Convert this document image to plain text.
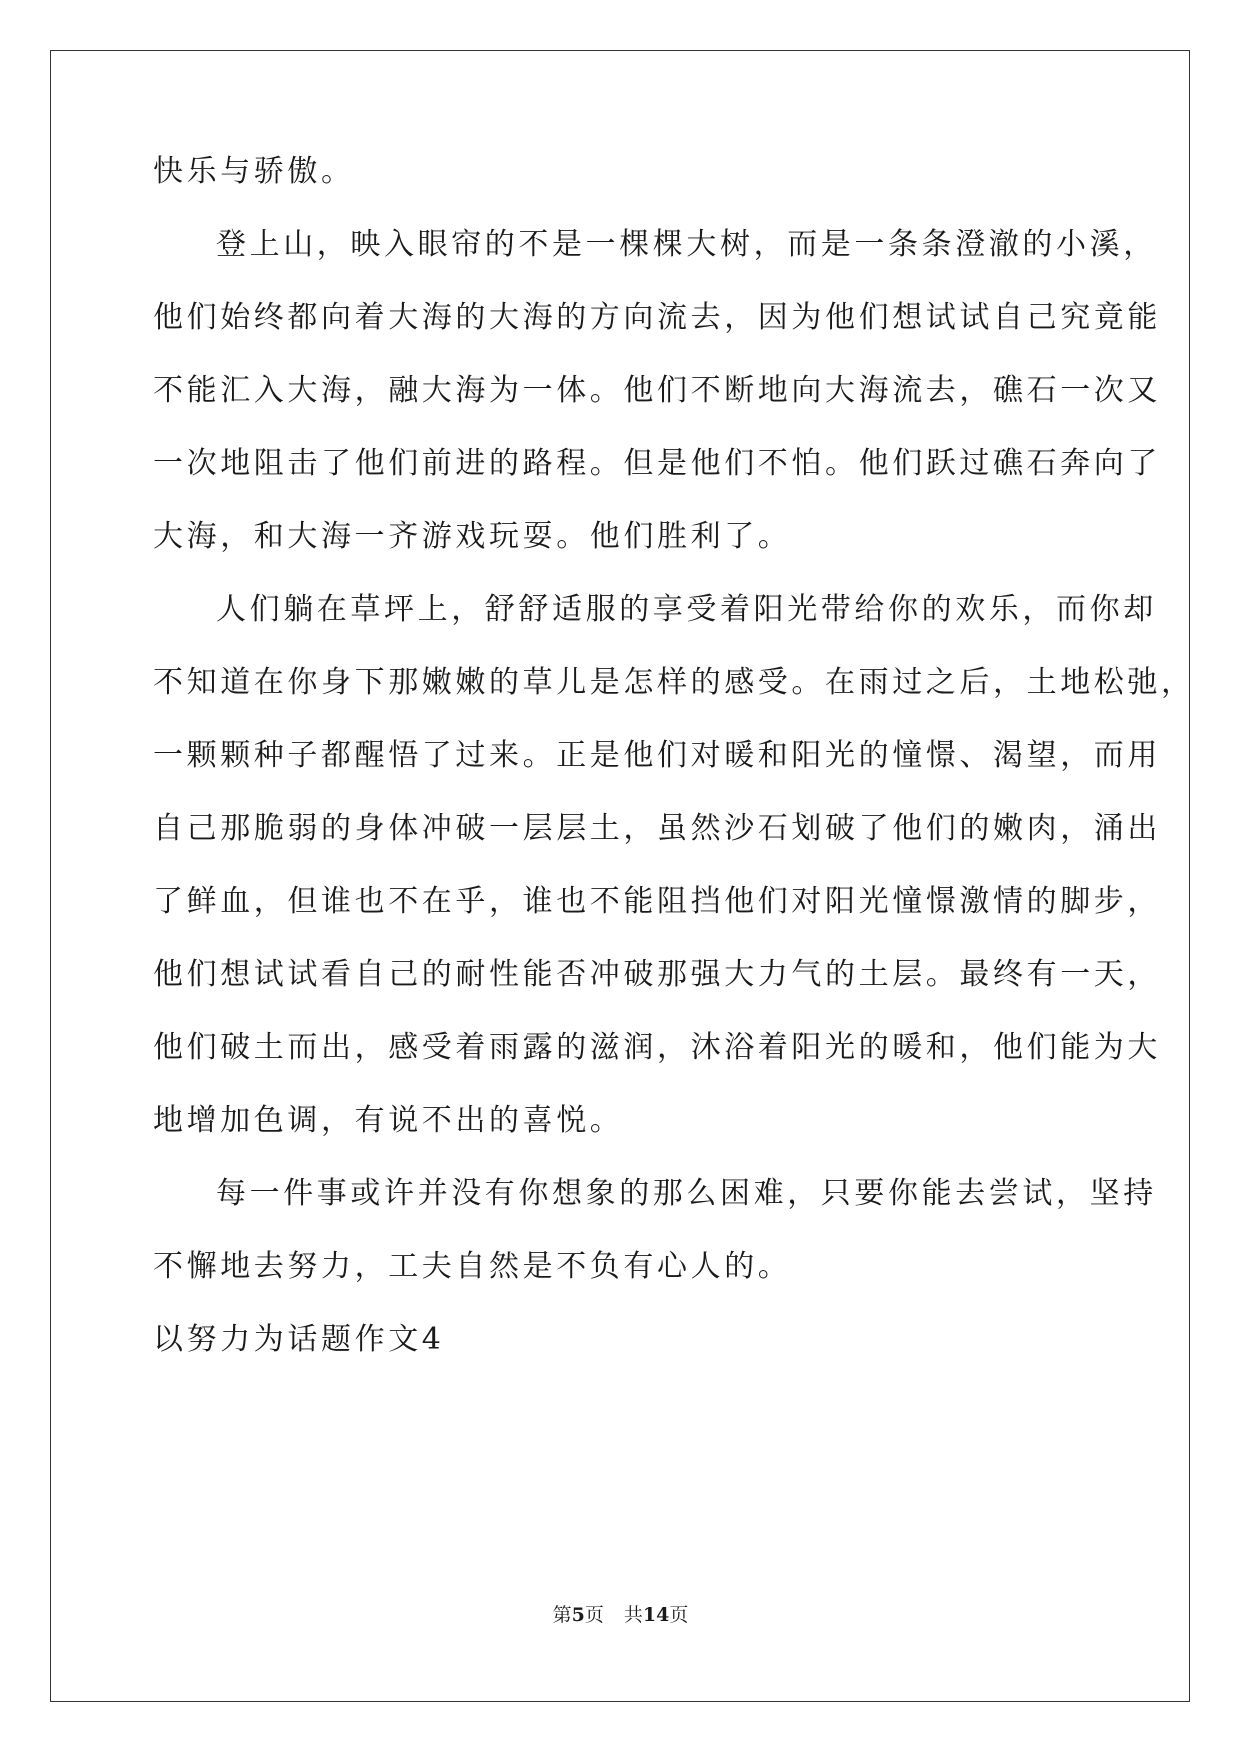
快乐与骄傲。
登上山，映入眼帘的不是一棵棵大树，而是一条条澄澈的小溪，
他们始终都向着大海的大海的方向流去，因为他们想试试自己究竟能
不能汇入大海，融大海为一体。他们不断地向大海流去，礁石一次又
一次地阻击了他们前进的路程。但是他们不怕。他们跃过礁石奔向了
大海，和大海一齐游戏玩耍。他们胜利了。
人们躺在草坪上，舒舒适服的享受着阳光带给你的欢乐，而你却
不知道在你身下那嫩嫩的草儿是怎样的感受。在雨过之后，土地松弛，
一颗颗种子都醒悟了过来。正是他们对暖和阳光的憧憬、渴望，而用
自己那脆弱的身体冲破一层层土，虽然沙石划破了他们的嫩肉，涌出
了鲜血，但谁也不在乎，谁也不能阻挡他们对阳光憧憬激情的脚步，
他们想试试看自己的耐性能否冲破那强大力气的土层。最终有一天，
他们破土而出，感受着雨露的滋润，沐浴着阳光的暖和，他们能为大
地增加色调，有说不出的喜悦。
每一件事或许并没有你想象的那么困难，只要你能去尝试，坚持
不懈地去努力，工夫自然是不负有心人的。
以努力为话题作文4
第5页 共14页
